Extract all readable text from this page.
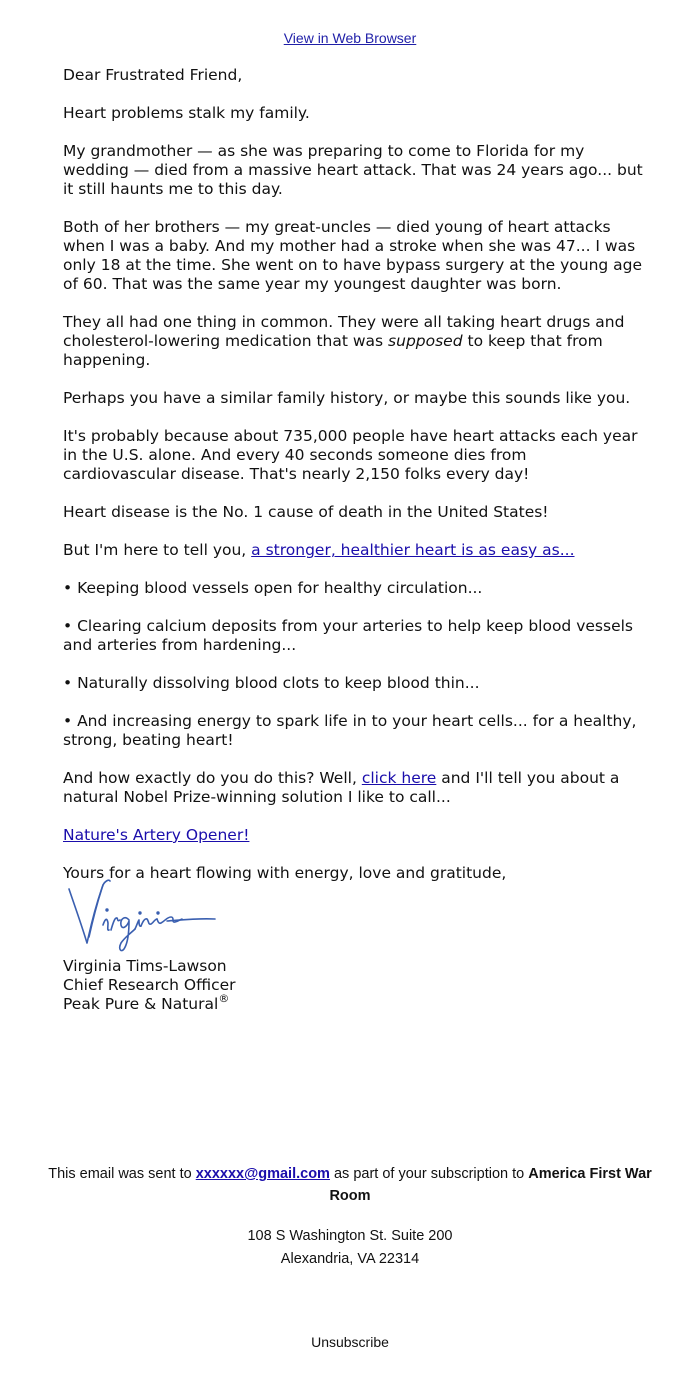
View in Web Browser

Dear Frustrated Friend,

Heart problems stalk my family.

My grandmother — as she was preparing to come to Florida for my wedding — died from a massive heart attack. That was 24 years ago... but it still haunts me to this day.

Both of her brothers — my great-uncles — died young of heart attacks when I was a baby. And my mother had a stroke when she was 47... I was only 18 at the time. She went on to have bypass surgery at the young age of 60. That was the same year my youngest daughter was born.

They all had one thing in common. They were all taking heart drugs and cholesterol-lowering medication that was supposed to keep that from happening.

Perhaps you have a similar family history, or maybe this sounds like you.

It's probably because about 735,000 people have heart attacks each year in the U.S. alone. And every 40 seconds someone dies from cardiovascular disease. That's nearly 2,150 folks every day!

Heart disease is the No. 1 cause of death in the United States!

But I'm here to tell you, a stronger, healthier heart is as easy as...

• Keeping blood vessels open for healthy circulation...

• Clearing calcium deposits from your arteries to help keep blood vessels and arteries from hardening...

• Naturally dissolving blood clots to keep blood thin...

• And increasing energy to spark life in to your heart cells... for a healthy, strong, beating heart!

And how exactly do you do this? Well, click here and I'll tell you about a natural Nobel Prize-winning solution I like to call...

Nature's Artery Opener!

Yours for a heart flowing with energy, love and gratitude,

Virginia Tims-Lawson

Chief Research Officer

Peak Pure & Natural®

This email was sent to xxxxxx@gmail.com as part of your subscription to America First War Room

108 S Washington St. Suite 200

Alexandria, VA 22314

Unsubscribe
